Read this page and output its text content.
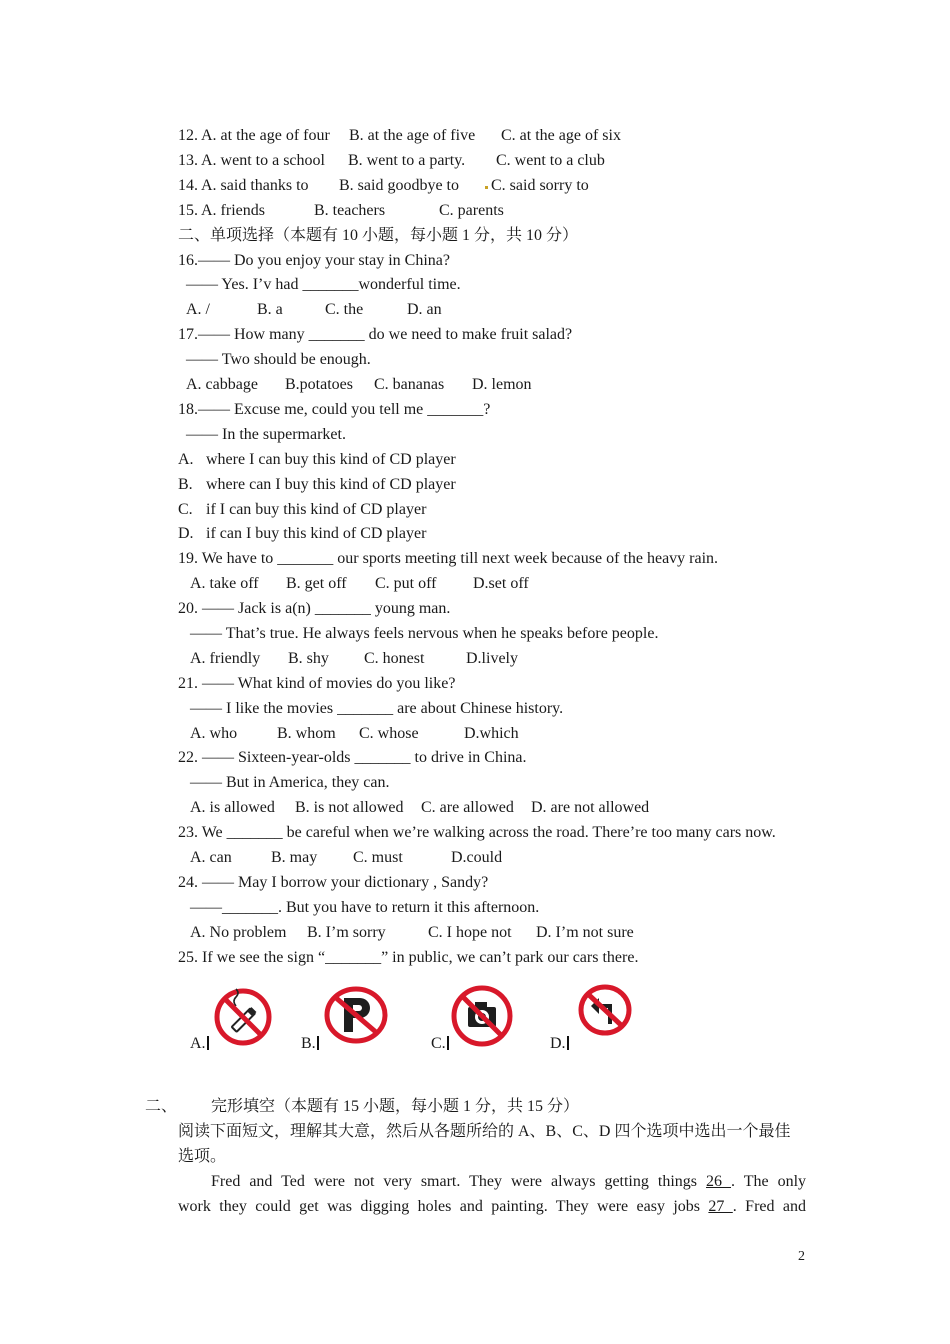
12. A. at the age of four B. at the age of five C. at the age of six
13. A. went to a school B. went to a party. C. went to a club
14. A. said thanks to B. said goodbye to	C. said sorry to
15. A. friends	B. teachers	C. parents
二、单项选择（本题有 10 小题，每小题 1 分，共 10 分）
16.—— Do you enjoy your stay in China?
—— Yes. I’v had _______wonderful time.
A. /	B. a	C. the	D. an
17.—— How many _______ do we need to make fruit salad?
—— Two should be enough.
A. cabbage B.potatoes C. bananas D. lemon
18.—— Excuse me, could you tell me _______?
—— In the supermarket.
A. where I can buy this kind of CD player
B. where can I buy this kind of CD player
C. if I can buy this kind of CD player
D. if can I buy this kind of CD player
19. We have to _______ our sports meeting till next week because of the heavy rain.
A. take off B. get off C. put off D.set off
20. —— Jack is a(n) _______ young man.
—— That’s true. He always feels nervous when he speaks before people.
A. friendly B. shy C. honest	D.lively
21. —— What kind of movies do you like?
—— I like the movies _______ are about Chinese history.
A. who B. whom C. whose	D.which
22. —— Sixteen-year-olds _______ to drive in China.
—— But in America, they can.
A. is allowed B. is not allowed C. are allowed D. are not allowed
23. We _______ be careful when we’re walking across the road. There’re too many cars now.
A. can B. may C. must	D.could
24. —— May I borrow your dictionary , Sandy?
——_______. But you have to return it this afternoon.
A. No problem B. I’m sorry	C. I hope not D. I’m not sure
25. If we see the sign “_______” in public, we can’t park our cars there.
A.	B.	C.	D.
二、 完形填空（本题有 15 小题，每小题 1 分，共 15 分）
阅读下面短文，理解其大意，然后从各题所给的 A、B、C、D 四个选项中选出一个最佳
选项。
Fred and Ted were not very smart. They were always getting things 26 . The only
work they could get was digging holes and painting. They were easy jobs 27 . Fred and
2
